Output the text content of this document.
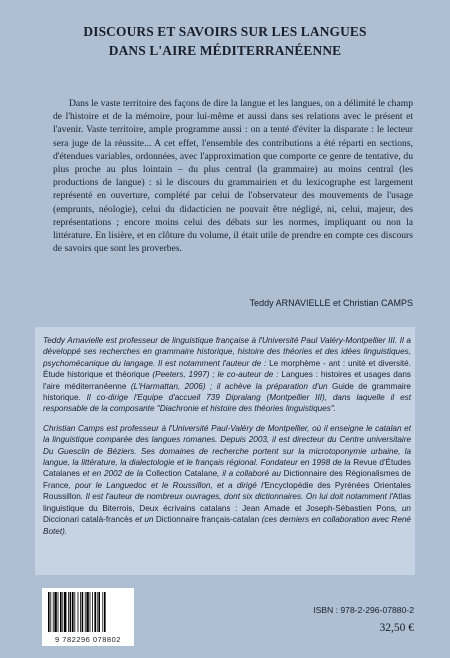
DISCOURS ET SAVOIRS SUR LES LANGUES
DANS L'AIRE MÉDITERRANÉENNE

Dans le vaste territoire des façons de dire la langue et les langues, on a délimité le champ de l'histoire et de la mémoire, pour lui-même et aussi dans ses relations avec le présent et l'avenir. Vaste territoire, ample programme aussi : on a tenté d'éviter la disparate : le lecteur sera juge de la réussite... A cet effet, l'ensemble des contributions a été réparti en sections, d'étendues variables, ordonnées, avec l'approximation que comporte ce genre de tentative, du plus proche au plus lointain – du plus central (la grammaire) au moins central (les productions de langue) : si le discours du grammairien et du lexicographe est largement représenté en ouverture, complété par celui de l'observateur des mouvements de l'usage (emprunts, néologie), celui du didacticien ne pouvait être négligé, ni, celui, majeur, des représentations ; encore moins celui des débats sur les normes, impliquant ou non la littérature. En lisière, et en clôture du volume, il était utile de prendre en compte ces discours de savoirs que sont les proverbes.

Teddy ARNAVIELLE et Christian CAMPS

Teddy Arnavielle est professeur de linguistique française à l'Université Paul Valéry-Montpellier III. Il a développé ses recherches en grammaire historique, histoire des théories et des idées linguistiques, psychomécanique du langage. Il est notamment l'auteur de : Le morphème - ant : unité et diversité. Étude historique et théorique (Peeters, 1997) ; le co-auteur de : Langues : histoires et usages dans l'aire méditerranéenne (L'Harmattan, 2006) ; il achève la préparation d'un Guide de grammaire historique. Il co-dirige l'Equipe d'accueil 739 Dipralang (Montpellier III), dans laquelle il est responsable de la composante "Diachronie et histoire des théories linguistiques".

Christian Camps est professeur à l'Université Paul-Valéry de Montpellier, où il enseigne le catalan et la linguistique comparée des langues romanes. Depuis 2003, il est directeur du Centre universitaire Du Guesclin de Béziers. Ses domaines de recherche portent sur la microtoponymie urbaine, la langue, la littérature, la dialectologie et le français régional. Fondateur en 1998 de la Revue d'Études Catalanes et en 2002 de la Collection Catalane, il a collaboré au Dictionnaire des Régionalismes de France, pour le Languedoc et le Roussillon, et a dirigé l'Encyclopédie des Pyrénées Orientales Roussillon. Il est l'auteur de nombreux ouvrages, dont six dictionnaires. On lui doit notamment l'Atlas linguistique du Biterrois, Deux écrivains catalans : Jean Amade et Joseph-Sébastien Pons, un Diccionari català-francès et un Dictionnaire français-catalan (ces derniers en collaboration avec René Botet).

9 782296 078802
ISBN : 978-2-296-07880-2
32,50 €
